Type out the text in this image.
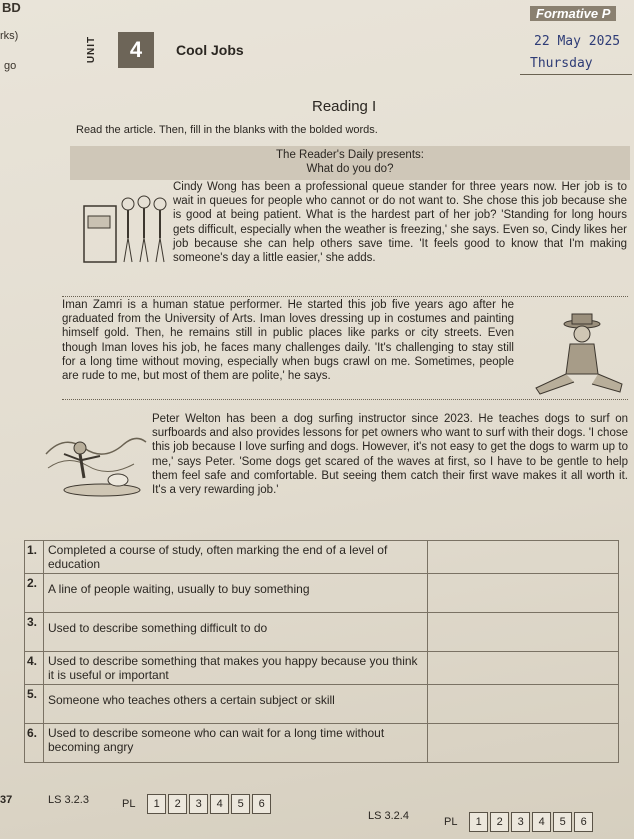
BD
rks)
go
UNIT	4	Cool Jobs
Formative P
22 May 2025
Thursday
Reading I
Read the article. Then, fill in the blanks with the bolded words.
The Reader's Daily presents:
What do you do?
Cindy Wong has been a professional queue stander for three years now. Her job is to wait in queues for people who cannot or do not want to. She chose this job because she is good at being patient. What is the hardest part of her job? 'Standing for long hours gets difficult, especially when the weather is freezing,' she says. Even so, Cindy likes her job because she can help others save time. 'It feels good to know that I'm making someone's day a little easier,' she adds.
Iman Zamri is a human statue performer. He started this job five years ago after he graduated from the University of Arts. Iman loves dressing up in costumes and painting himself gold. Then, he remains still in public places like parks or city streets. Even though Iman loves his job, he faces many challenges daily. 'It's challenging to stay still for a long time without moving, especially when bugs crawl on me. Sometimes, people are rude to me, but most of them are polite,' he says.
Peter Welton has been a dog surfing instructor since 2023. He teaches dogs to surf on surfboards and also provides lessons for pet owners who want to surf with their dogs. 'I chose this job because I love surfing and dogs. However, it's not easy to get the dogs to warm up to me,' says Peter. 'Some dogs get scared of the waves at first, so I have to be gentle to help them feel safe and comfortable. But seeing them catch their first wave makes it all worth it. It's a very rewarding job.'
1.	Completed a course of study, often marking the end of a level of education	
2.	A line of people waiting, usually to buy something	
3.	Used to describe something difficult to do	
4.	Used to describe something that makes you happy because you think it is useful or important	
5.	Someone who teaches others a certain subject or skill	
6.	Used to describe someone who can wait for a long time without becoming angry	
37	LS 3.2.3	PL 1 2 3 4 5 6
LS 3.2.4	PL 1 2 3 4 5 6
